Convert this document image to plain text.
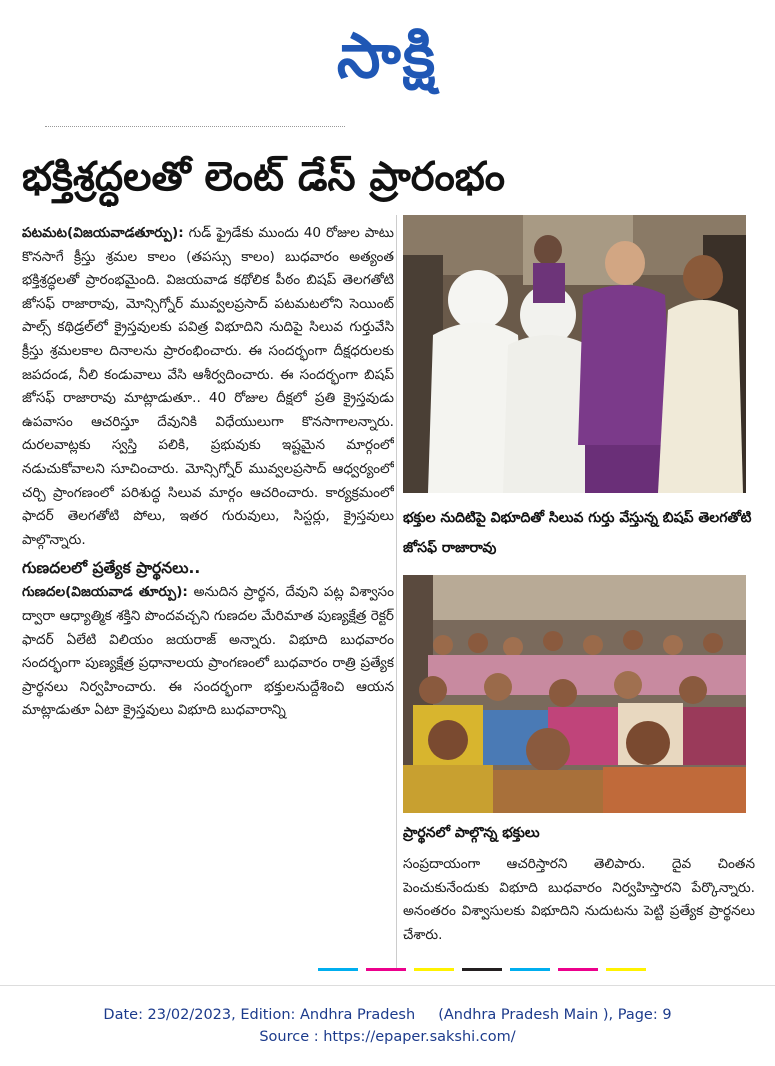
సాక్షి
భక్తిశ్రద్ధలతో లెంట్ డేస్ ప్రారంభం

పటమట(విజయవాడతూర్పు): గుడ్ ఫ్రైడేకు ముందు 40 రోజుల పాటు కొనసాగే క్రీస్తు శ్రమల కాలం (తపస్సు కాలం) బుధవారం అత్యంత భక్తిశ్రద్ధలతో ప్రారంభమైంది. విజయవాడ కథోలిక పీఠం బిషప్ తెలగతోటి జోసఫ్ రాజారావు, మోన్సిగ్నోర్ మువ్వలప్రసాద్ పటమటలోని సెయింట్ పాల్స్ కథిడ్రల్‌లో క్రైస్తవులకు పవిత్ర విభూదిని నుదిపై సిలువ గుర్తువేసి క్రీస్తు శ్రమలకాల దినాలను ప్రారంభించారు. ఈ సందర్భంగా దీక్షధరులకు జపదండ, నీలి కండువాలు వేసి ఆశీర్వదించారు. ఈ సందర్భంగా బిషప్ జోసఫ్ రాజారావు మాట్లాడుతూ.. 40 రోజుల దీక్షలో ప్రతి క్రైస్తవుడు ఉపవాసం ఆచరిస్తూ దేవునికి విధేయులుగా కొనసాగాలన్నారు. దురలవాట్లకు స్వస్తి పలికి, ప్రభువుకు ఇష్టమైన మార్గంలో నడుచుకోవాలని సూచించారు. మోన్సిగ్నోర్ మువ్వలప్రసాద్ ఆధ్వర్యంలో చర్చి ప్రాంగణంలో పరిశుద్ధ సిలువ మార్గం ఆచరించారు. కార్యక్రమంలో ఫాదర్ తెలగతోటి పోలు, ఇతర గురువులు, సిస్టర్లు, క్రైస్తవులు పాల్గొన్నారు.

గుణదలలో ప్రత్యేక ప్రార్థనలు..

గుణదల(విజయవాడ తూర్పు): అనుదిన ప్రార్థన, దేవుని పట్ల విశ్వాసం ద్వారా ఆధ్యాత్మిక శక్తిని పొందవచ్చని గుణదల మేరిమాత పుణ్యక్షేత్ర రెక్టర్ ఫాదర్ ఏలేటి విలియం జయరాజ్ అన్నారు. విభూది బుధవారం సందర్భంగా పుణ్యక్షేత్ర ప్రధానాలయ ప్రాంగణంలో బుధవారం రాత్రి ప్రత్యేక ప్రార్థనలు నిర్వహించారు. ఈ సందర్భంగా భక్తులనుద్దేశించి ఆయన మాట్లాడుతూ ఏటా క్రైస్తవులు విభూది బుధవారాన్ని

భక్తుల నుదిటిపై విభూదితో సిలువ గుర్తు వేస్తున్న బిషప్ తెలగతోటి జోసఫ్ రాజారావు
ప్రార్థనలో పాల్గొన్న భక్తులు

సంప్రదాయంగా ఆచరిస్తారని తెలిపారు. దైవ చింతన పెంచుకునేందుకు విభూది బుధవారం నిర్వహిస్తారని పేర్కొన్నారు. అనంతరం విశ్వాసులకు విభూదిని నుదుటను పెట్టి ప్రత్యేక ప్రార్థనలు చేశారు.

Date: 23/02/2023, Edition: Andhra Pradesh     (Andhra Pradesh Main ), Page: 9
Source : https://epaper.sakshi.com/
